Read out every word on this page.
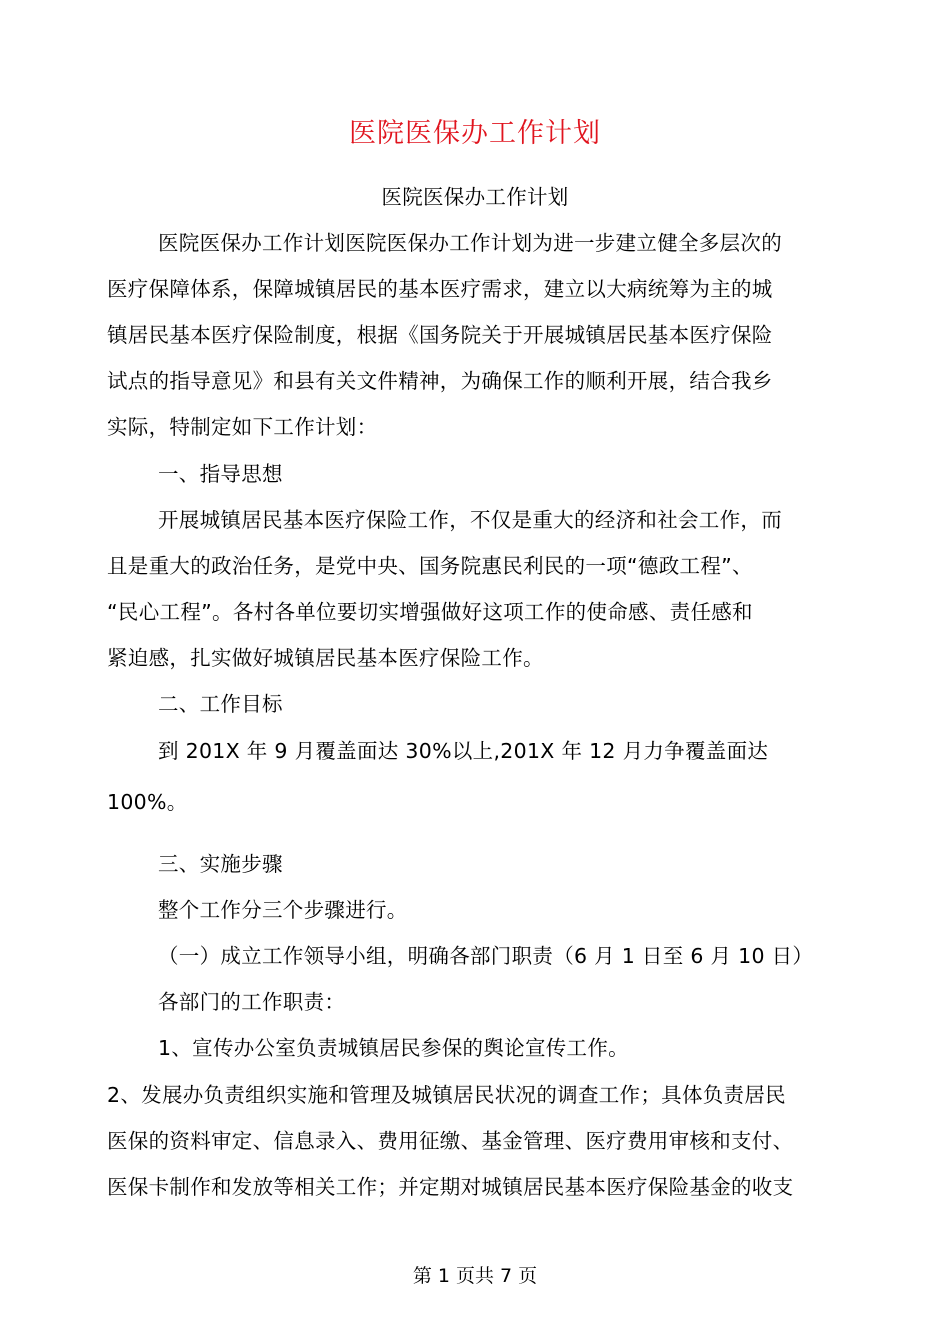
医院医保办工作计划
医院医保办工作计划
医院医保办工作计划医院医保办工作计划为进一步建立健全多层次的
医疗保障体系，保障城镇居民的基本医疗需求，建立以大病统筹为主的城
镇居民基本医疗保险制度，根据《国务院关于开展城镇居民基本医疗保险
试点的指导意见》和县有关文件精神，为确保工作的顺利开展，结合我乡
实际，特制定如下工作计划：
一、指导思想
开展城镇居民基本医疗保险工作，不仅是重大的经济和社会工作，而
且是重大的政治任务，是党中央、国务院惠民利民的一项“德政工程”、
“民心工程”。各村各单位要切实增强做好这项工作的使命感、责任感和
紧迫感，扎实做好城镇居民基本医疗保险工作。
二、工作目标
到 201X 年 9 月覆盖面达 30%以上,201X 年 12 月力争覆盖面达
100%。
三、实施步骤
整个工作分三个步骤进行。
（一）成立工作领导小组，明确各部门职责（6 月 1 日至 6 月 10 日）
各部门的工作职责：
1、宣传办公室负责城镇居民参保的舆论宣传工作。
2、发展办负责组织实施和管理及城镇居民状况的调查工作；具体负责居民
医保的资料审定、信息录入、费用征缴、基金管理、医疗费用审核和支付、
医保卡制作和发放等相关工作；并定期对城镇居民基本医疗保险基金的收支
第 1 页共 7 页
